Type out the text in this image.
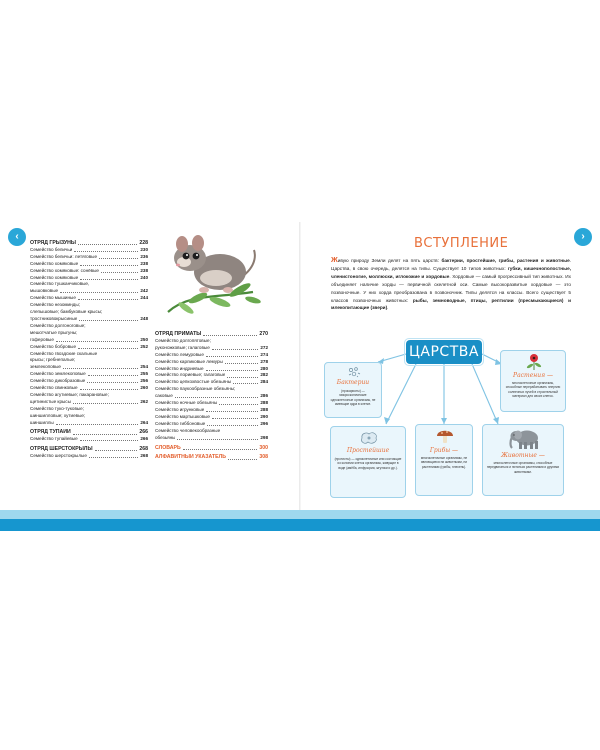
‹	›
ОТРЯД ГРЫЗУНЫ	228
Семейство беличьи	230
Семейство беличьи: летяговые	236
Семейство хомяковые	238
Семейство хомяковые: сонёвые	238
Семейство хомяковые	240
Семейство тушканчиковые,
мышовковые	242
Семейство мышиные	244
Семейство незоминды;
слепышовые; бамбуковые крысы;
тростниковокрысиные	248
Семейство долгоноговые;
мешотчатые прыгуны;
гоферовые	250
Семейство бобровые	252
Семейство гвоздские скальные
крысы; гребнепалые;
землекоповые	254
Семейство землекоповые	255
Семейство дикобразовые	256
Семейство свинковые	260
Семейство агутиевые; пакарановые;
щетинистые крысы	262
Семейство туко-туковые;
шиншилловые; хутиевые;
шиншиллы	264
ОТРЯД ТУПАЙИ	266
Семейство тупайевые	266
ОТРЯД ШЕРСТОКРЫЛЫ	268
Семейство шерстокрылые	268
ОТРЯД ПРИМАТЫ	270
Семейство долгопятовые;
руконожковые; галаговые	272
Семейство лемуровые	274
Семейство карликовые лемуры	278
Семейство индриевые	280
Семейство лориевые; галаговые	282
Семейство цепкохвостые обезьяны	284
Семейство паукообразные обезьяны;
саковые	286
Семейство ночные обезьяны	288
Семейство игрунковые	288
Семейство мартышковые	290
Семейство гиббоновые	296
Семейство человекообразные
обезьяны	298
СЛОВАРЬ	300
АЛФАВИТНЫЙ УКАЗАТЕЛЬ	308
ВСТУПЛЕНИЕ
Живую природу Земли делят на пять царств: бактерии, простейшие, грибы, растения и животные. Царства, в свою очередь, делятся на типы. Существует 10 типов животных: губки, кишечнополостные, членистоногие, моллюски, иглокожие и хордовые. Хордовые — самый прогрессивный тип животных. Их объединяет наличие хорды — первичной скелетной оси. Самые высокоразвитые хордовые — это позвоночные. У них хорда преобразована в позвоночник. Типы делятся на классы. Всего существует 5 классов позвоночных животных: рыбы, земноводные, птицы, рептилии (пресмыкающиеся) и млекопитающие (звери).
ЦАРСТВА
Бактерии
(прокариоты) — микроскопические одноклеточные организмы, не имеющие ядра в клетке.
Растения —
многоклеточные организмы, способные перерабатывать энергию солнечных лучей в строительный материал для своих клеток.
Простейшие
(протисты) — одноклеточные или состоящие из колонии клеток организмы, живущие в воде (амёба, инфузории, жгутики и др.).
Грибы —
многоклеточные организмы, не являющиеся ни животными, ни растениями (грибы, плесень).
Животные —
многоклеточные организмы, способные передвигаться и питаться растениями и другими животными.
